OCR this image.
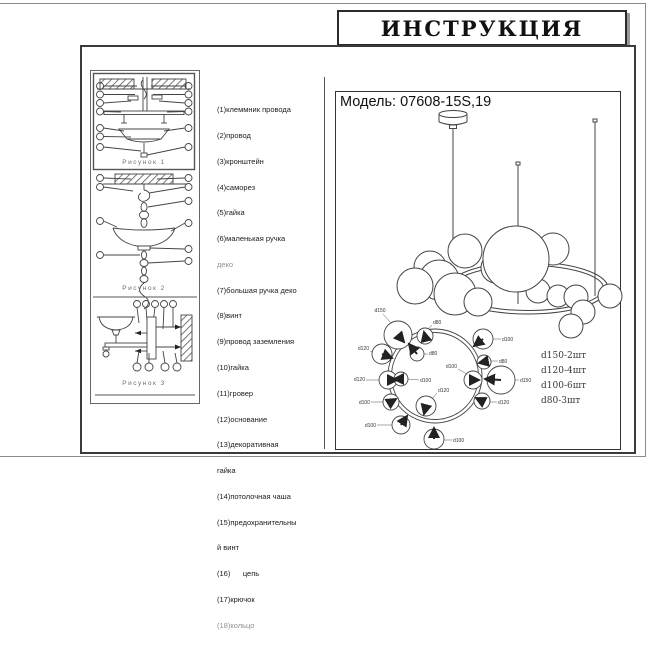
ИНСТРУКЦИЯ
Рисунок 1
Рисунок 2
Рисунок 3

(1)клеммник провода

(2)провод

(3)кронштейн

(4)саморез

(5)гайка

(6)маленькая ручка

деко

(7)большая ручка деко

(8)винт

(9)провод заземления

(10)гайка

(11)гровер

(12)основание

(13)декоративная

гайка

(14)потолочная чаша

(15)предохранительны

й винт

(16)      цепь

(17)крючок

(18)кольцо

Модель: 07608-15S,19
d150
d120
d80
d80
d120	d100
d100
d100
d120
d100
d100
d80
d100
d150
d120
d150-2шт
d120-4шт
d100-6шт
d80-3шт
